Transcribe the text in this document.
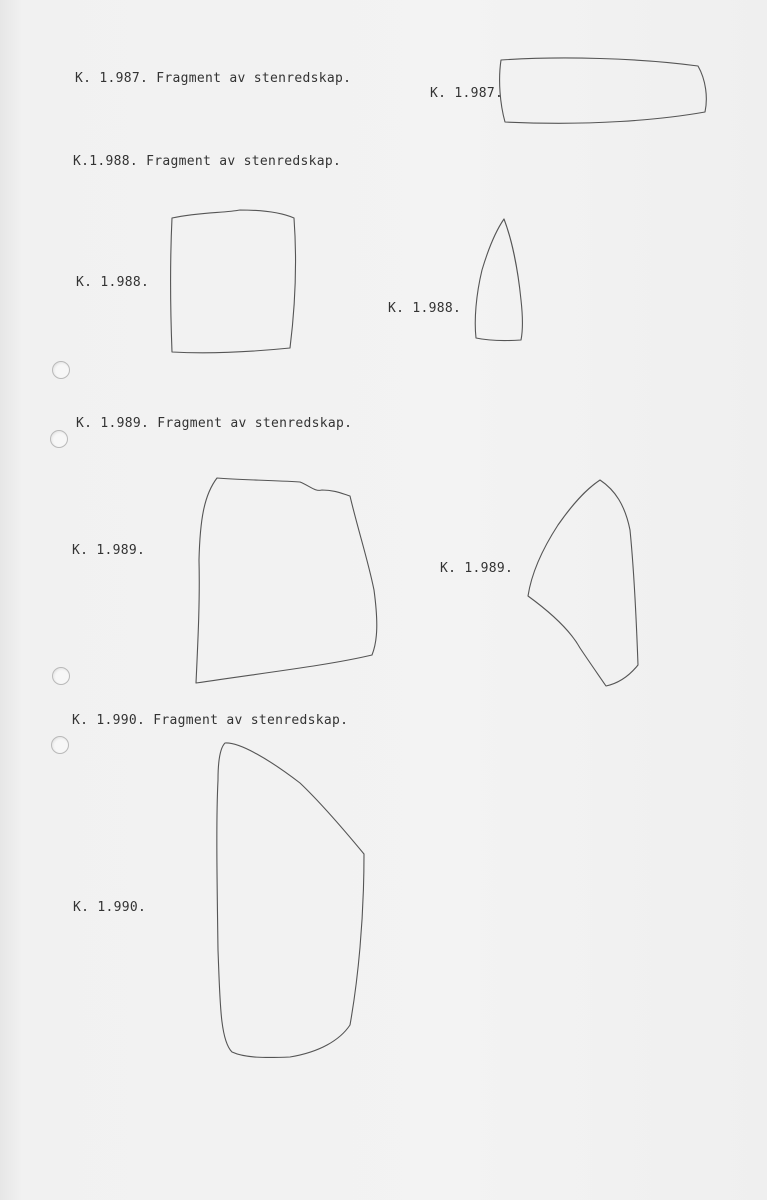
K. 1.987. Fragment av stenredskap.
K.1.988. Fragment av stenredskap.
K. 1.989. Fragment av stenredskap.
K. 1.990. Fragment av stenredskap.
K. 1.987.
K. 1.988.
K. 1.988.
K. 1.989.
K. 1.989.
K. 1.990.
